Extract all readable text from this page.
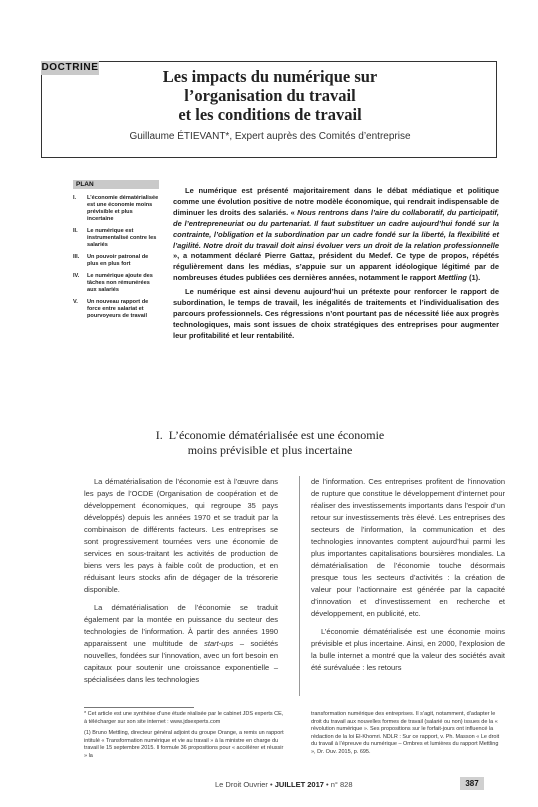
DOCTRINE	Les impacts du numérique sur
l’organisation du travail
et les conditions de travail
Guillaume ÉTIEVANT*, Expert auprès des Comités d’entreprise
PLAN
I. L’économie dématérialisée est une économie moins prévisible et plus incertaine
II. Le numérique est instrumentalisé contre les salariés
III. Un pouvoir patronal de plus en plus fort
IV. Le numérique ajoute des tâches non rémunérées aux salariés
V. Un nouveau rapport de force entre salariat et pourvoyeurs de travail

Le numérique est présenté majoritairement dans le débat médiatique et politique comme une évolution positive de notre modèle économique, qui rendrait indispensable de diminuer les droits des salariés. « Nous rentrons dans l’aire du collaboratif, du participatif, de l’entrepreneuriat ou du partenariat. Il faut substituer un cadre aujourd’hui fondé sur la contrainte, l’obligation et la subordination par un cadre fondé sur la liberté, la flexibilité et l’agilité. Notre droit du travail doit ainsi évoluer vers un droit de la relation professionnelle », a notamment déclaré Pierre Gattaz, président du Medef. Ce type de propos, répétés régulièrement dans les médias, s’appuie sur un apparent idéologique légitimé par de nombreuses études publiées ces dernières années, notamment le rapport Mettling (1).

Le numérique est ainsi devenu aujourd’hui un prétexte pour renforcer le rapport de subordination, le temps de travail, les inégalités de traitements et l’individualisation des parcours professionnels. Ces régressions n’ont pourtant pas de nécessité liée aux progrès technologiques, mais sont issues de choix stratégiques des entreprises pour augmenter leur profitabilité et leur rentabilité.

I. L’économie dématérialisée est une économie
moins prévisible et plus incertaine

La dématérialisation de l’économie est à l’œuvre dans les pays de l’OCDE (Organisation de coopération et de développement économiques, qui regroupe 35 pays développés) depuis les années 1970 et se traduit par la combinaison de différents facteurs. Les entreprises se sont progressivement tournées vers une économie de services en sous-traitant les activités de production de biens vers les pays à faible coût de production, et en réduisant leurs stocks afin de dégager de la trésorerie disponible.

La dématérialisation de l’économie se traduit également par la montée en puissance du secteur des technologies de l’information. À partir des années 1990 apparaissent une multitude de start-ups – sociétés nouvelles, fondées sur l’innovation, avec un fort besoin en capitaux pour soutenir une croissance exponentielle – spécialisées dans les technologies

de l’information. Ces entreprises profitent de l’innovation de rupture que constitue le développement d’internet pour réaliser des investissements importants dans l’espoir d’un retour sur investissements très élevé. Les entreprises des secteurs de l’information, la communication et des technologies innovantes comptent aujourd’hui parmi les plus importantes capitalisations boursières mondiales. La dématérialisation de l’économie touche désormais presque tous les secteurs d’activités : la création de valeur pour l’actionnaire est générée par la capacité d’innovation et d’investissement en recherche et développement, en publicité, etc.

L’économie dématérialisée est une économie moins prévisible et plus incertaine. Ainsi, en 2000, l’explosion de la bulle internet a montré que la valeur des sociétés avait été surévaluée : les retours

* Cet article est une synthèse d’une étude réalisée par le cabinet JDS experts CE, à télécharger sur son site internet : www.jdsexperts.com

(1) Bruno Mettling, directeur général adjoint du groupe Orange, a remis un rapport intitulé « Transformation numérique et vie au travail » à la ministre en charge du travail le 15 septembre 2015. Il formule 36 propositions pour « accélérer et réussir » la

transformation numérique des entreprises. Il s’agit, notamment, d’adapter le droit du travail aux nouvelles formes de travail (salarié ou non) issues de la « révolution numérique ». Ses propositions sur le forfait-jours ont influencé la rédaction de la loi El-Khomri. NDLR : Sur ce rapport, v. Ph. Masson « Le droit du travail à l’épreuve du numérique – Ombres et lumières du rapport Mettling », Dr. Ouv. 2015, p. 695.

Le Droit Ouvrier • JUILLET 2017 • n° 828	387
